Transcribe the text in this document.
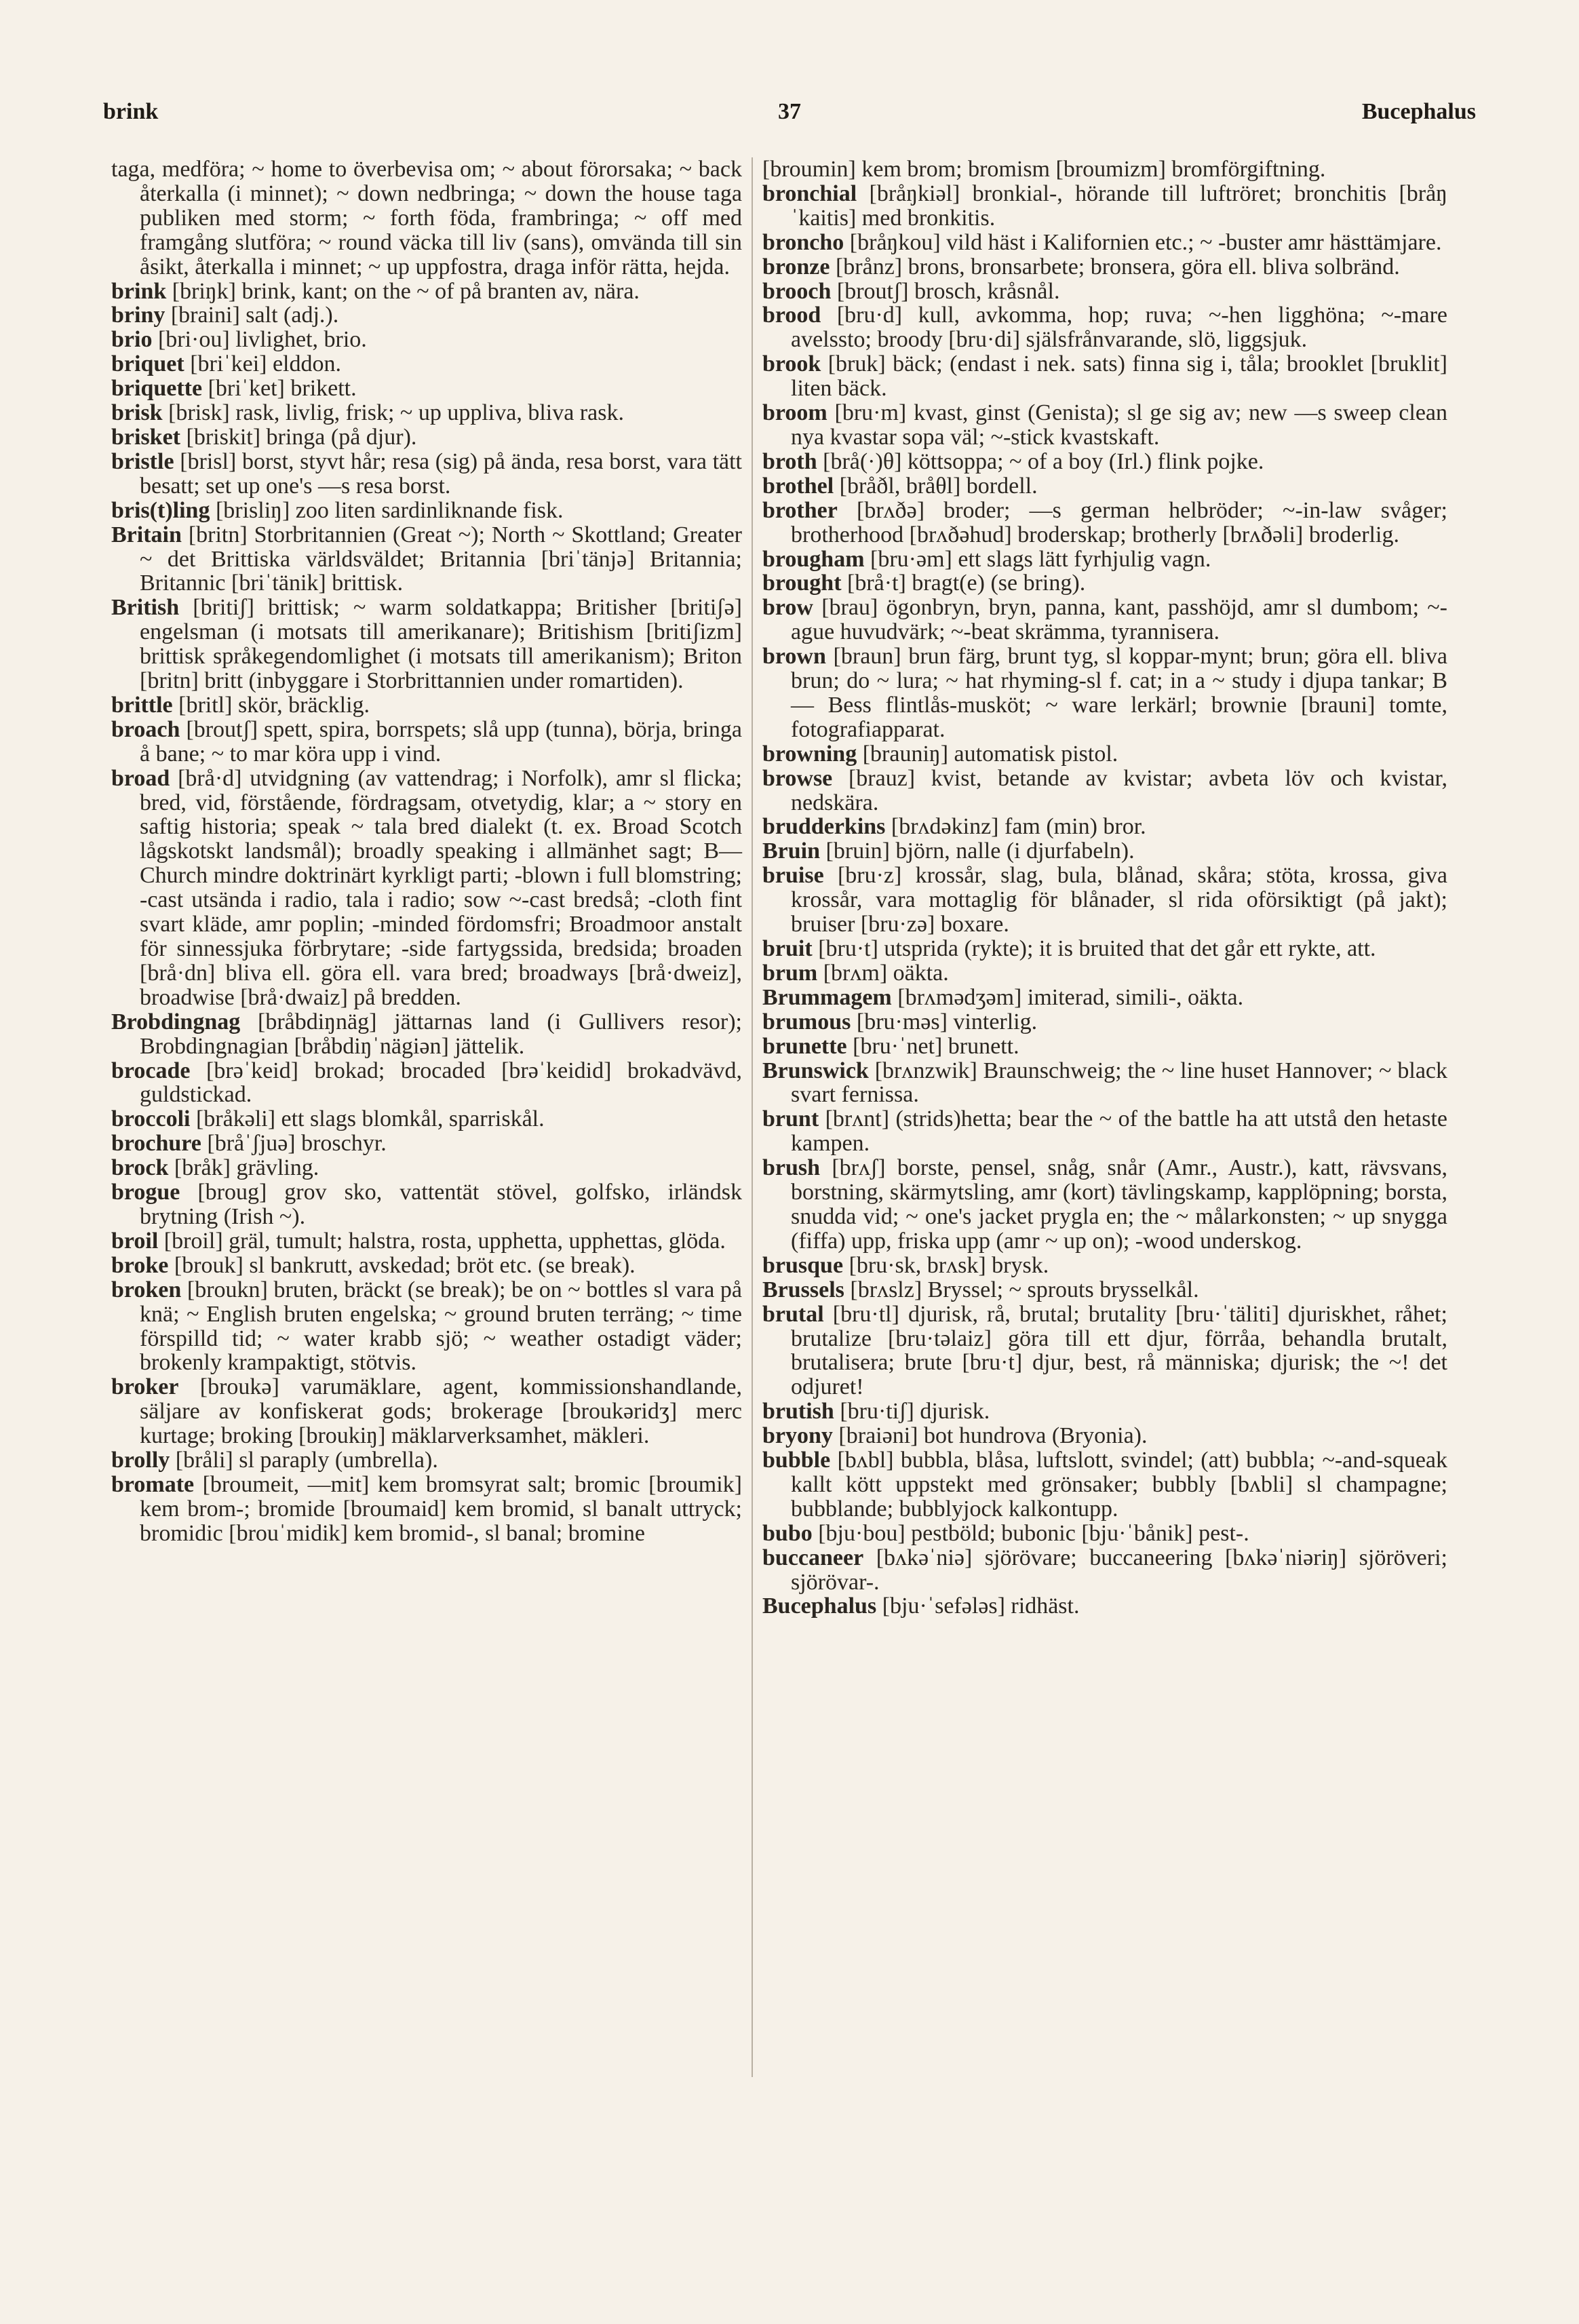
brink	37	Bucephalus

taga, medföra; ~ home to överbevisa om; ~ about förorsaka; ~ back återkalla (i minnet); ~ down nedbringa; ~ down the house taga publiken med storm; ~ forth föda, frambringa; ~ off med framgång slutföra; ~ round väcka till liv (sans), omvända till sin åsikt, återkalla i minnet; ~ up uppfostra, draga inför rätta, hejda.

brink [briŋk] brink, kant; on the ~ of på branten av, nära.

briny [braini] salt (adj.).

brio [bri·ou] livlighet, brio.

briquet [briˈkei] elddon.

briquette [briˈket] brikett.

brisk [brisk] rask, livlig, frisk; ~ up uppliva, bliva rask.

brisket [briskit] bringa (på djur).

bristle [brisl] borst, styvt hår; resa (sig) på ända, resa borst, vara tätt besatt; set up one's —s resa borst.

bris(t)ling [brisliŋ] zoo liten sardinliknande fisk.

Britain [britn] Storbritannien (Great ~); North ~ Skottland; Greater ~ det Brittiska världsväldet; Britannia [briˈtänjə] Britannia; Britannic [briˈtänik] brittisk.

British [britiʃ] brittisk; ~ warm soldatkappa; Britisher [britiʃə] engelsman (i motsats till amerikanare); Britishism [britiʃizm] brittisk språkegendomlighet (i motsats till amerikanism); Briton [britn] britt (inbyggare i Storbrittannien under romartiden).

brittle [britl] skör, bräcklig.

broach [broutʃ] spett, spira, borrspets; slå upp (tunna), börja, bringa å bane; ~ to mar köra upp i vind.

broad [brå·d] utvidgning (av vattendrag; i Norfolk), amr sl flicka; bred, vid, förstående, fördragsam, otvetydig, klar; a ~ story en saftig historia; speak ~ tala bred dialekt (t. ex. Broad Scotch lågskotskt landsmål); broadly speaking i allmänhet sagt; B— Church mindre doktrinärt kyrkligt parti; -blown i full blomstring; -cast utsända i radio, tala i radio; sow ~-cast bredså; -cloth fint svart kläde, amr poplin; -minded fördomsfri; Broadmoor anstalt för sinnessjuka förbrytare; -side fartygssida, bredsida; broaden [brå·dn] bliva ell. göra ell. vara bred; broadways [brå·dweiz], broadwise [brå·dwaiz] på bredden.

Brobdingnag [bråbdiŋnäg] jättarnas land (i Gullivers resor); Brobdingnagian [bråbdiŋˈnägiən] jättelik.

brocade [brəˈkeid] brokad; brocaded [brəˈkeidid] brokadvävd, guldstickad.

broccoli [bråkəli] ett slags blomkål, sparriskål.

brochure [bråˈʃjuə] broschyr.

brock [bråk] grävling.

brogue [broug] grov sko, vattentät stövel, golfsko, irländsk brytning (Irish ~).

broil [broil] gräl, tumult; halstra, rosta, upphetta, upphettas, glöda.

broke [brouk] sl bankrutt, avskedad; bröt etc. (se break).

broken [broukn] bruten, bräckt (se break); be on ~ bottles sl vara på knä; ~ English bruten engelska; ~ ground bruten terräng; ~ time förspilld tid; ~ water krabb sjö; ~ weather ostadigt väder; brokenly krampaktigt, stötvis.

broker [broukə] varumäklare, agent, kommissionshandlande, säljare av konfiskerat gods; brokerage [broukəridʒ] merc kurtage; broking [broukiŋ] mäklarverksamhet, mäkleri.

brolly [bråli] sl paraply (umbrella).

bromate [broumeit, —mit] kem bromsyrat salt; bromic [broumik] kem brom-; bromide [broumaid] kem bromid, sl banalt uttryck; bromidic [brouˈmidik] kem bromid-, sl banal; bromine

[broumin] kem brom; bromism [broumizm] bromförgiftning.

bronchial [bråŋkiəl] bronkial-, hörande till luftröret; bronchitis [bråŋˈkaitis] med bronkitis.

broncho [bråŋkou] vild häst i Kalifornien etc.; ~ -buster amr hästtämjare.

bronze [brånz] brons, bronsarbete; bronsera, göra ell. bliva solbränd.

brooch [broutʃ] brosch, kråsnål.

brood [bru·d] kull, avkomma, hop; ruva; ~-hen ligghöna; ~-mare avelsstο; broody [bru·di] själsfrånvarande, slö, liggsjuk.

brook [bruk] bäck; (endast i nek. sats) finna sig i, tåla; brooklet [bruklit] liten bäck.

broom [bru·m] kvast, ginst (Genista); sl ge sig av; new —s sweep clean nya kvastar sopa väl; ~-stick kvastskaft.

broth [brå(·)θ] köttsoppa; ~ of a boy (Irl.) flink pojke.

brothel [bråðl, bråθl] bordell.

brother [brʌðə] broder; —s german helbröder; ~-in-law svåger; brotherhood [brʌðəhud] broderskap; brotherly [brʌðəli] broderlig.

brougham [bru·əm] ett slags lätt fyrhjulig vagn.

brought [brå·t] bragt(e) (se bring).

brow [brau] ögonbryn, bryn, panna, kant, passhöjd, amr sl dumbom; ~-ague huvudvärk; ~-beat skrämma, tyrannisera.

brown [braun] brun färg, brunt tyg, sl koppar-mynt; brun; göra ell. bliva brun; do ~ lura; ~ hat rhyming-sl f. cat; in a ~ study i djupa tankar; B— Bess flintlås-musköt; ~ ware lerkärl; brownie [brauni] tomte, fotografiapparat.

browning [brauniŋ] automatisk pistol.

browse [brauz] kvist, betande av kvistar; avbeta löv och kvistar, nedskära.

brudderkins [brʌdəkinz] fam (min) bror.

Bruin [bruin] björn, nalle (i djurfabeln).

bruise [bru·z] krossår, slag, bula, blånad, skåra; stöta, krossa, giva krossår, vara mottaglig för blånader, sl rida oförsiktigt (på jakt); bruiser [bru·zə] boxare.

bruit [bru·t] utsprida (rykte); it is bruited that det går ett rykte, att.

brum [brʌm] oäkta.

Brummagem [brʌmədʒəm] imiterad, simili-, oäkta.

brumous [bru·məs] vinterlig.

brunette [bru·ˈnet] brunett.

Brunswick [brʌnzwik] Braunschweig; the ~ line huset Hannover; ~ black svart fernissa.

brunt [brʌnt] (strids)hetta; bear the ~ of the battle ha att utstå den hetaste kampen.

brush [brʌʃ] borste, pensel, snåg, snår (Amr., Austr.), katt, rävsvans, borstning, skärmytsling, amr (kort) tävlingskamp, kapplöpning; borsta, snudda vid; ~ one's jacket prygla en; the ~ målarkonsten; ~ up snygga (fiffa) upp, friska upp (amr ~ up on); -wood underskog.

brusque [bru·sk, brʌsk] brysk.

Brussels [brʌslz] Bryssel; ~ sprouts brysselkål.

brutal [bru·tl] djurisk, rå, brutal; brutality [bru·ˈtäliti] djuriskhet, råhet; brutalize [bru·təlaiz] göra till ett djur, förråa, behandla brutalt, brutalisera; brute [bru·t] djur, best, rå människa; djurisk; the ~! det odjuret!

brutish [bru·tiʃ] djurisk.

bryony [braiəni] bot hundrova (Bryonia).

bubble [bʌbl] bubbla, blåsa, luftslott, svindel; (att) bubbla; ~-and-squeak kallt kött uppstekt med grönsaker; bubbly [bʌbli] sl champagne; bubblande; bubblyjock kalkontupp.

bubo [bju·bou] pestböld; bubonic [bju·ˈbånik] pest-.

buccaneer [bʌkəˈniə] sjörövare; buccaneering [bʌkəˈniəriŋ] sjöröveri; sjörövar-.

Bucephalus [bju·ˈsefələs] ridhäst.
